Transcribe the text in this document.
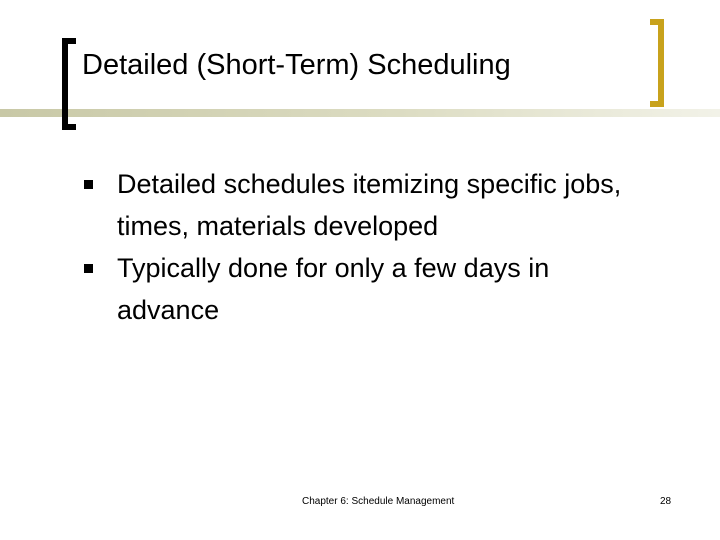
Detailed (Short-Term) Scheduling
Detailed schedules itemizing specific jobs, times, materials developed
Typically done for only a few days in advance
Chapter 6: Schedule Management	28
